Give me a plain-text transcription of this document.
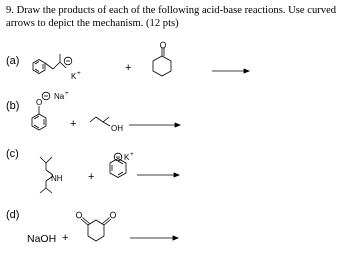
9. Draw the products of each of the following acid-base reactions. Use curved arrows to depict the mechanism. (12 pts)
(a)
(b)
(c)
(d)
+
+
+
+
NaOH
K +
O
Na +
OH
NH
K +
